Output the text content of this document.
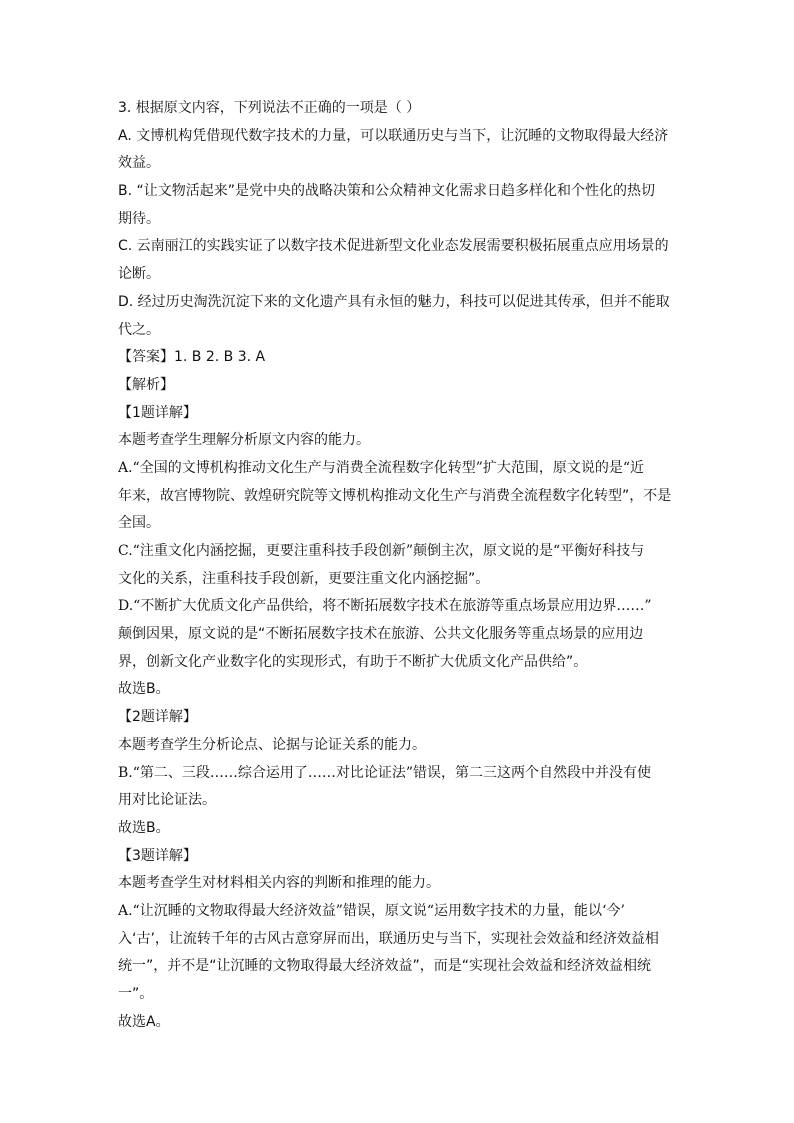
3. 根据原文内容，下列说法不正确的一项是（ ）
A. 文博机构凭借现代数字技术的力量，可以联通历史与当下，让沉睡的文物取得最大经济
效益。
B. “让文物活起来”是党中央的战略决策和公众精神文化需求日趋多样化和个性化的热切
期待。
C. 云南丽江的实践实证了以数字技术促进新型文化业态发展需要积极拓展重点应用场景的
论断。
D. 经过历史淘洗沉淀下来的文化遗产具有永恒的魅力，科技可以促进其传承，但并不能取
代之。
【答案】1. B 2. B 3. A
【解析】
【1题详解】
本题考查学生理解分析原文内容的能力。
A.“全国的文博机构推动文化生产与消费全流程数字化转型”扩大范围，原文说的是“近
年来，故宫博物院、敦煌研究院等文博机构推动文化生产与消费全流程数字化转型”，不是
全国。
C.“注重文化内涵挖掘，更要注重科技手段创新”颠倒主次，原文说的是“平衡好科技与
文化的关系，注重科技手段创新，更要注重文化内涵挖掘”。
D.“不断扩大优质文化产品供给，将不断拓展数字技术在旅游等重点场景应用边界……”
颠倒因果，原文说的是“不断拓展数字技术在旅游、公共文化服务等重点场景的应用边
界，创新文化产业数字化的实现形式，有助于不断扩大优质文化产品供给”。
故选B。
【2题详解】
本题考查学生分析论点、论据与论证关系的能力。
B.“第二、三段……综合运用了……对比论证法”错误，第二三这两个自然段中并没有使
用对比论证法。
故选B。
【3题详解】
本题考查学生对材料相关内容的判断和推理的能力。
A.“让沉睡的文物取得最大经济效益”错误，原文说“运用数字技术的力量，能以‘今’
入‘古’，让流转千年的古风古意穿屏而出，联通历史与当下，实现社会效益和经济效益相
统一”，并不是“让沉睡的文物取得最大经济效益”，而是“实现社会效益和经济效益相统
一”。
故选A。
